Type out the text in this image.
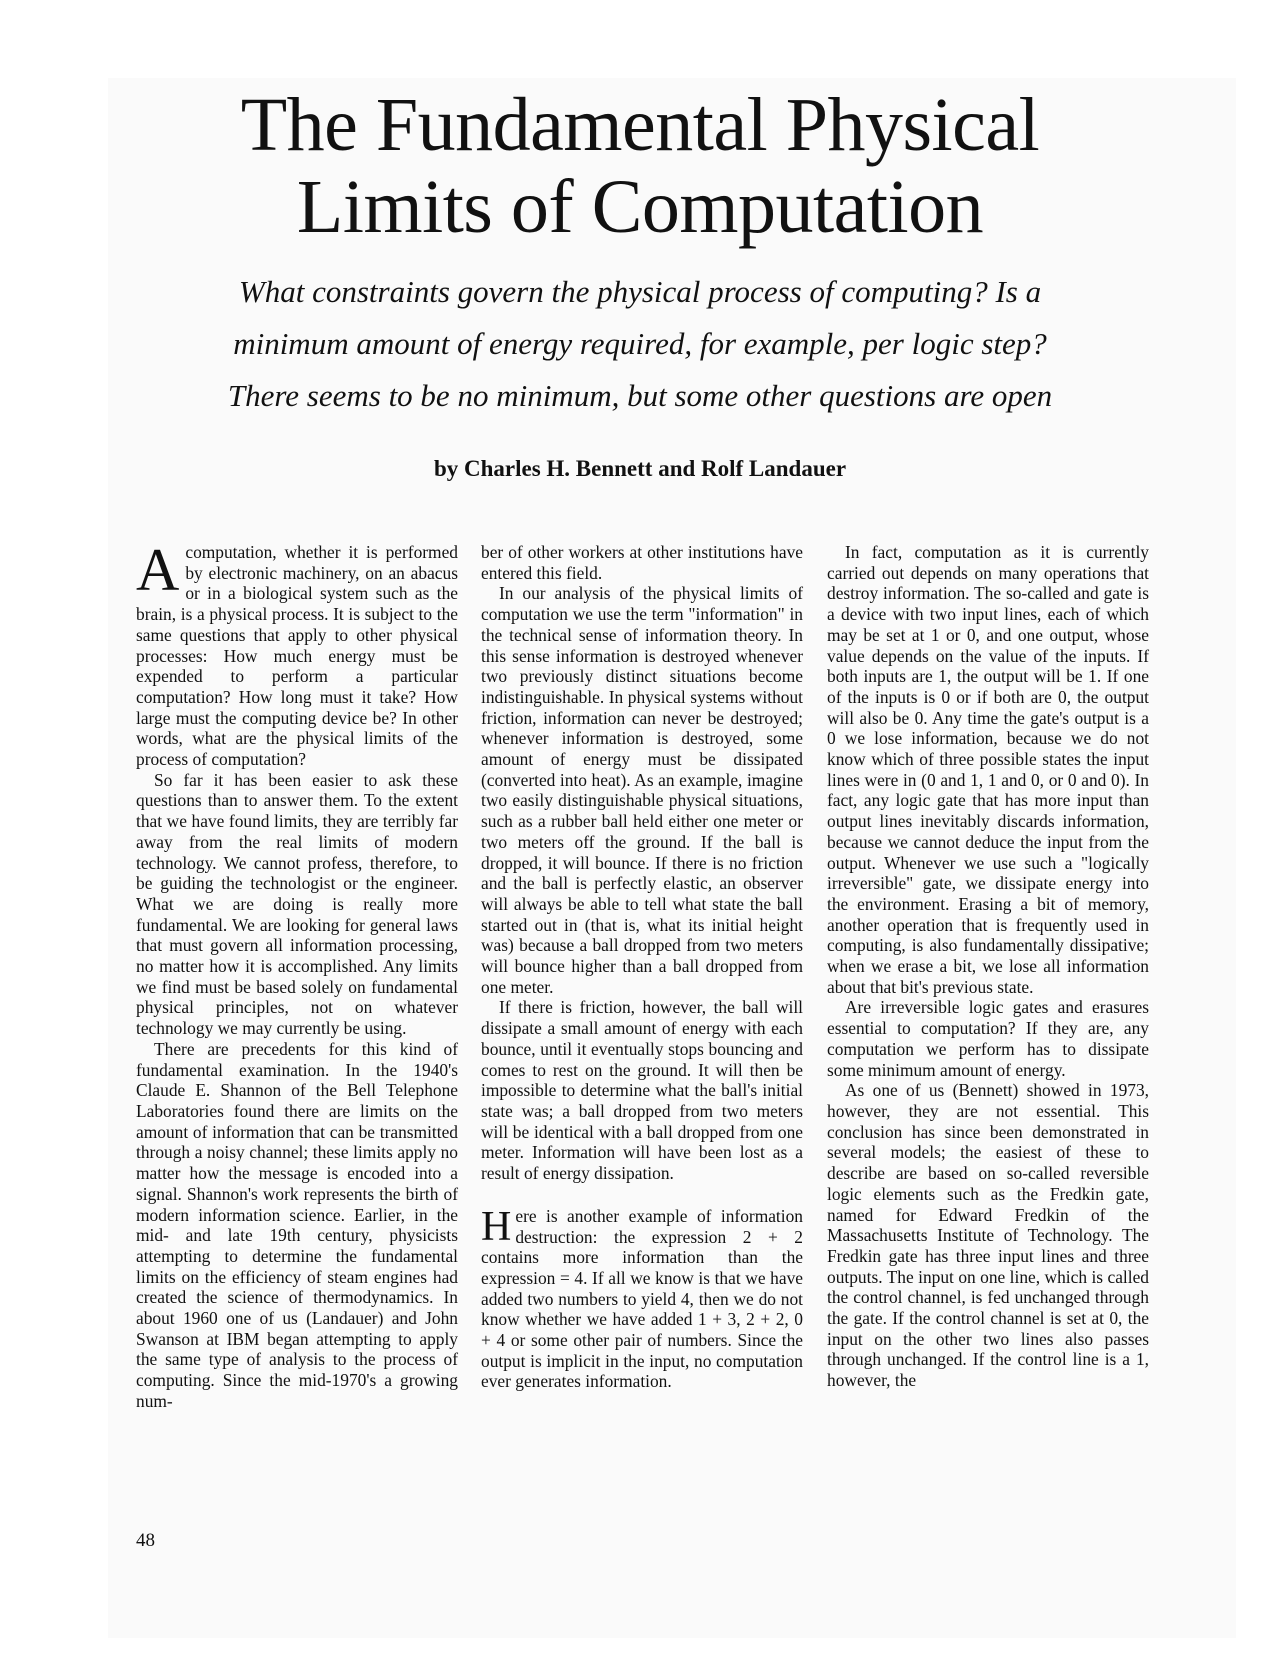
The Fundamental Physical
Limits of Computation
What constraints govern the physical process of computing? Is a
minimum amount of energy required, for example, per logic step?
There seems to be no minimum, but some other questions are open
by Charles H. Bennett and Rolf Landauer

A computation, whether it is performed by electronic machinery, on an abacus or in a biological system such as the brain, is a physical process. It is subject to the same questions that apply to other physical processes: How much energy must be expended to perform a particular computation? How long must it take? How large must the computing device be? In other words, what are the physical limits of the process of computation?

So far it has been easier to ask these questions than to answer them. To the extent that we have found limits, they are terribly far away from the real limits of modern technology. We cannot profess, therefore, to be guiding the technologist or the engineer. What we are doing is really more fundamental. We are looking for general laws that must govern all information processing, no matter how it is accomplished. Any limits we find must be based solely on fundamental physical principles, not on whatever technology we may currently be using.

There are precedents for this kind of fundamental examination. In the 1940's Claude E. Shannon of the Bell Telephone Laboratories found there are limits on the amount of information that can be transmitted through a noisy channel; these limits apply no matter how the message is encoded into a signal. Shannon's work represents the birth of modern information science. Earlier, in the mid- and late 19th century, physicists attempting to determine the fundamental limits on the efficiency of steam engines had created the science of thermodynamics. In about 1960 one of us (Landauer) and John Swanson at IBM began attempting to apply the same type of analysis to the process of computing. Since the mid-1970's a growing num-

ber of other workers at other institutions have entered this field.

In our analysis of the physical limits of computation we use the term "information" in the technical sense of information theory. In this sense information is destroyed whenever two previously distinct situations become indistinguishable. In physical systems without friction, information can never be destroyed; whenever information is destroyed, some amount of energy must be dissipated (converted into heat). As an example, imagine two easily distinguishable physical situations, such as a rubber ball held either one meter or two meters off the ground. If the ball is dropped, it will bounce. If there is no friction and the ball is perfectly elastic, an observer will always be able to tell what state the ball started out in (that is, what its initial height was) because a ball dropped from two meters will bounce higher than a ball dropped from one meter.

If there is friction, however, the ball will dissipate a small amount of energy with each bounce, until it eventually stops bouncing and comes to rest on the ground. It will then be impossible to determine what the ball's initial state was; a ball dropped from two meters will be identical with a ball dropped from one meter. Information will have been lost as a result of energy dissipation.

H ere is another example of information destruction: the expression 2 + 2 contains more information than the expression = 4. If all we know is that we have added two numbers to yield 4, then we do not know whether we have added 1 + 3, 2 + 2, 0 + 4 or some other pair of numbers. Since the output is implicit in the input, no computation ever generates information.

In fact, computation as it is currently carried out depends on many operations that destroy information. The so-called and gate is a device with two input lines, each of which may be set at 1 or 0, and one output, whose value depends on the value of the inputs. If both inputs are 1, the output will be 1. If one of the inputs is 0 or if both are 0, the output will also be 0. Any time the gate's output is a 0 we lose information, because we do not know which of three possible states the input lines were in (0 and 1, 1 and 0, or 0 and 0). In fact, any logic gate that has more input than output lines inevitably discards information, because we cannot deduce the input from the output. Whenever we use such a "logically irreversible" gate, we dissipate energy into the environment. Erasing a bit of memory, another operation that is frequently used in computing, is also fundamentally dissipative; when we erase a bit, we lose all information about that bit's previous state.

Are irreversible logic gates and erasures essential to computation? If they are, any computation we perform has to dissipate some minimum amount of energy.

As one of us (Bennett) showed in 1973, however, they are not essential. This conclusion has since been demonstrated in several models; the easiest of these to describe are based on so-called reversible logic elements such as the Fredkin gate, named for Edward Fredkin of the Massachusetts Institute of Technology. The Fredkin gate has three input lines and three outputs. The input on one line, which is called the control channel, is fed unchanged through the gate. If the control channel is set at 0, the input on the other two lines also passes through unchanged. If the control line is a 1, however, the

48
